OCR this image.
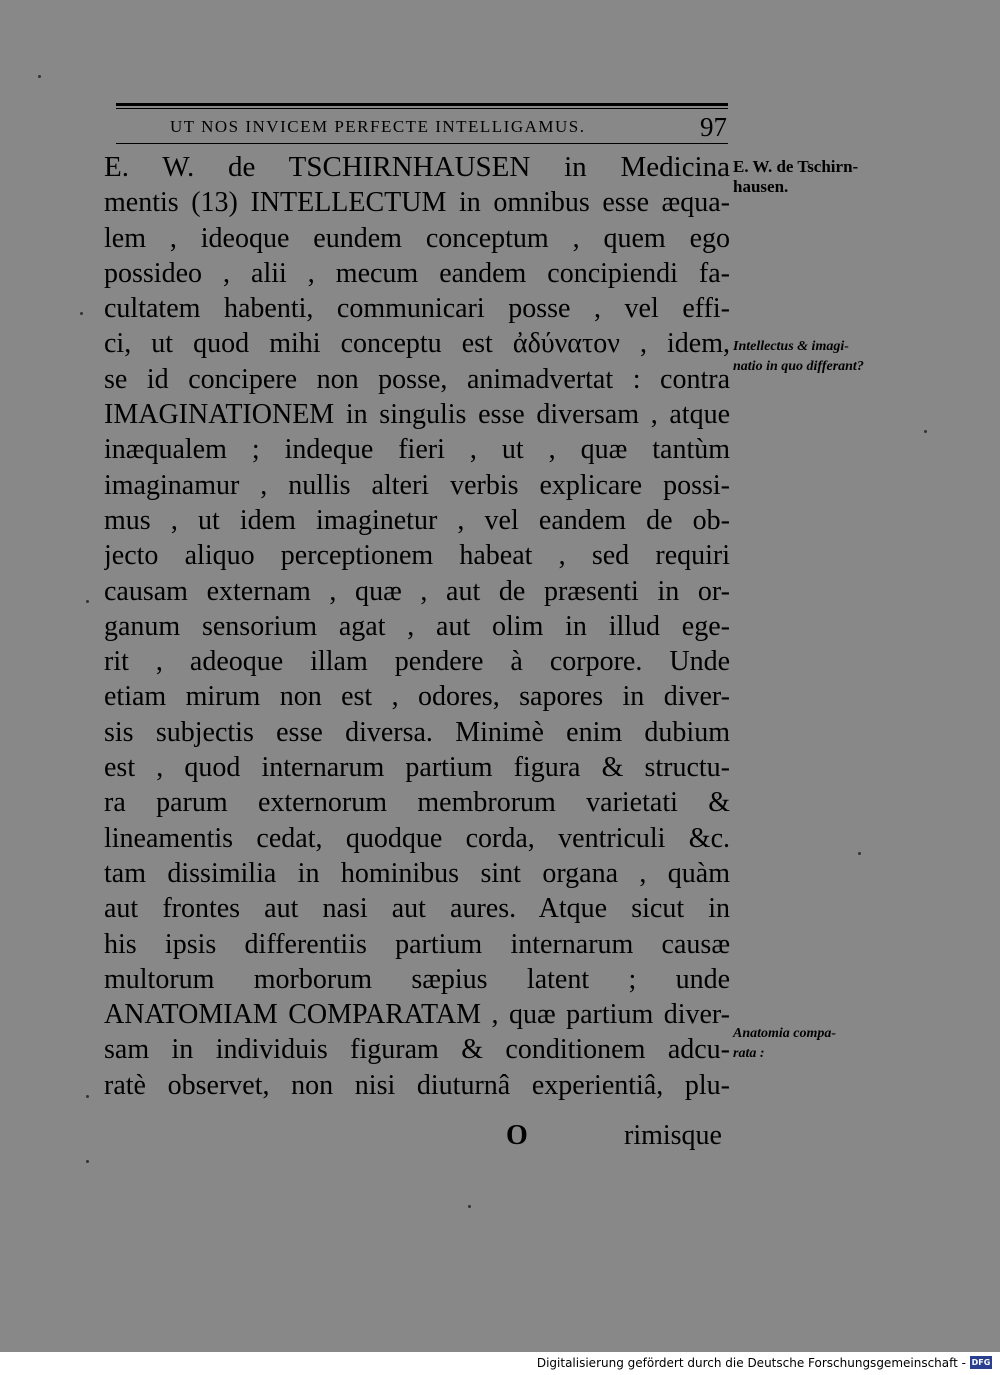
UT NOS INVICEM PERFECTE INTELLIGAMUS.	97
E. W. de TSCHIRNHAUSEN in Medicina
mentis (13) INTELLECTUM in omnibus esse æqua-
lem , ideoque eundem conceptum , quem ego
possideo , alii , mecum eandem concipiendi fa-
cultatem habenti, communicari posse , vel effi-
ci, ut quod mihi conceptu est ἀδύνατον , idem,
se id concipere non posse, animadvertat : contra
IMAGINATIONEM in singulis esse diversam , atque
inæqualem ; indeque fieri , ut , quæ tantùm
imaginamur , nullis alteri verbis explicare possi-
mus , ut idem imaginetur , vel eandem de ob-
jecto aliquo perceptionem habeat , sed requiri
causam externam , quæ , aut de præsenti in or-
ganum sensorium agat , aut olim in illud ege-
rit , adeoque illam pendere à corpore. Unde
etiam mirum non est , odores, sapores in diver-
sis subjectis esse diversa. Minimè enim dubium
est , quod internarum partium figura & structu-
ra parum externorum membrorum varietati &
lineamentis cedat, quodque corda, ventriculi &c.
tam dissimilia in hominibus sint organa , quàm
aut frontes aut nasi aut aures. Atque sicut in
his ipsis differentiis partium internarum causæ
multorum morborum sæpius latent ; unde
ANATOMIAM COMPARATAM , quæ partium diver-
sam in individuis figuram & conditionem adcu-
ratè observet, non nisi diuturnâ experientiâ, plu-
O	rimisque
E. W. de Tschirn-
hausen.
Intellectus & imagi-
natio in quo differant?
Anatomia compa-
rata :
Digitalisierung gefördert durch die Deutsche Forschungsgemeinschaft - DFG
